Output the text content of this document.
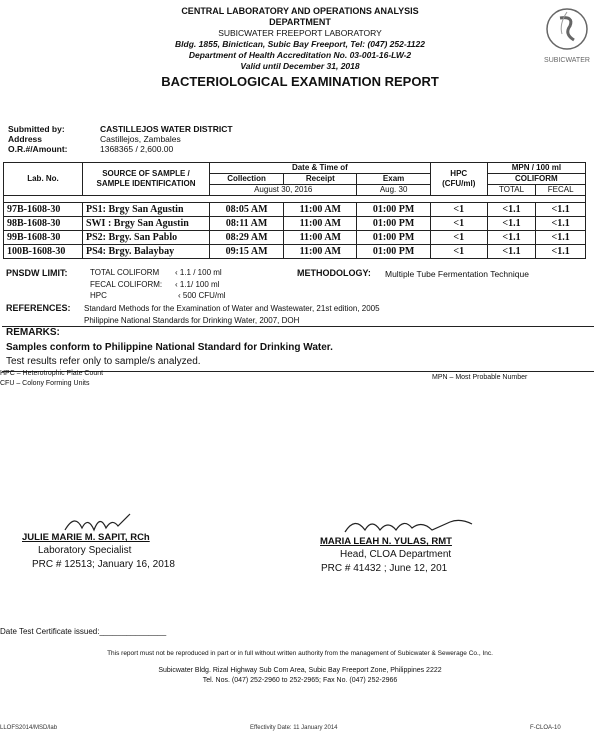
CENTRAL LABORATORY AND OPERATIONS ANALYSIS
DEPARTMENT
SUBICWATER FREEPORT LABORATORY
Bldg. 1855, Binictican, Subic Bay Freeport, Tel: (047) 252-1122
Department of Health Accreditation No. 03-001-16-LW-2
Valid until December 31, 2018
BACTERIOLOGICAL EXAMINATION REPORT
SUBICWATER
Submitted by:	CASTILLEJOS WATER DISTRICT
Address	Castillejos, Zambales
O.R.#/Amount:	1368365 / 2,600.00
Lab. No.	SOURCE OF SAMPLE / SAMPLE IDENTIFICATION	Date & Time of			HPC (CFU/ml)	MPN / 100 ml	
		Collection	Receipt	Exam		COLIFORM	
		August 30, 2016		Aug. 30		TOTAL	FECAL

97B-1608-30	PS1: Brgy San Agustin	08:05 AM	11:00 AM	01:00 PM	<1	<1.1	<1.1
98B-1608-30	SWI : Brgy San Agustin	08:11 AM	11:00 AM	01:00 PM	<1	<1.1	<1.1
99B-1608-30	PS2: Brgy. San Pablo	08:29 AM	11:00 AM	01:00 PM	<1	<1.1	<1.1
100B-1608-30	PS4: Brgy. Balaybay	09:15 AM	11:00 AM	01:00 PM	<1	<1.1	<1.1
PNSDW LIMIT:	TOTAL COLIFORM ‹ 1.1 / 100 ml
FECAL COLIFORM: ‹ 1.1/ 100 ml
HPC	‹ 500 CFU/ml
METHODOLOGY: Multiple Tube Fermentation Technique
REFERENCES: Standard Methods for the Examination of Water and Wastewater, 21st edition, 2005
Philippine National Standards for Drinking Water, 2007, DOH
REMARKS:
Samples conform to Philippine National Standard for Drinking Water.
Test results refer only to sample/s analyzed.
HPC – Heterotrophic Plate Count
CFU – Colony Forming Units
MPN – Most Probable Number
JULIE MARIE M. SAPIT, RCh
Laboratory Specialist
PRC # 12513; January 16, 2018
MARIA LEAH N. YULAS, RMT
Head, CLOA Department
PRC # 41432 ; June 12, 201
Date Test Certificate issued:_______________
This report must not be reproduced in part or in full without written authority from the management of Subicwater & Sewerage Co., Inc.
Subicwater Bldg. Rizal Highway Sub Com Area, Subic Bay Freeport Zone, Philippines 2222
Tel. Nos. (047) 252-2960 to 252-2965; Fax No. (047) 252-2966
LLOFS2014/MSD/lab	Effectivity Date: 11 January 2014	F-CLOA-10
